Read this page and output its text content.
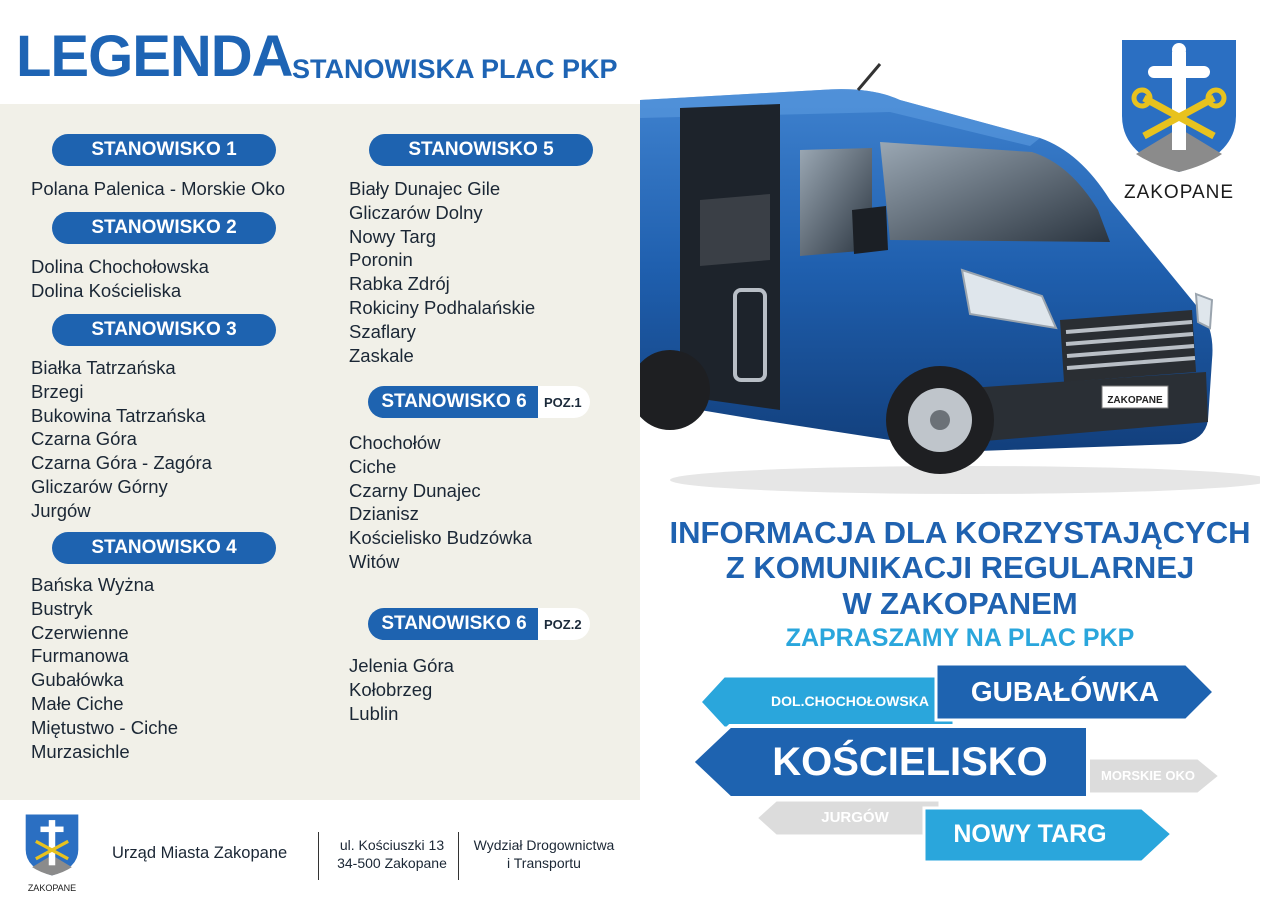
LEGENDA STANOWISKA PLAC PKP
STANOWISKO 1
Polana Palenica - Morskie Oko
STANOWISKO 2
Dolina Chochołowska
Dolina Kościeliska
STANOWISKO 3
Białka Tatrzańska
Brzegi
Bukowina Tatrzańska
Czarna Góra
Czarna Góra - Zagóra
Gliczarów Górny
Jurgów
STANOWISKO 4
Bańska Wyżna
Bustryk
Czerwienne
Furmanowa
Gubałówka
Małe Ciche
Miętustwo - Ciche
Murzasichle
STANOWISKO 5
Biały Dunajec Gile
Gliczarów Dolny
Nowy Targ
Poronin
Rabka Zdrój
Rokiciny Podhalańskie
Szaflary
Zaskale
STANOWISKO 6	POZ.1
Chochołów
Ciche
Czarny Dunajec
Dzianisz
Kościelisko Budzówka
Witów
STANOWISKO 6	POZ.2
Jelenia Góra
Kołobrzeg
Lublin
ZAKOPANE
ZAKOPANE
INFORMACJA DLA KORZYSTAJĄCYCH
Z KOMUNIKACJI REGULARNEJ
W ZAKOPANEM
ZAPRASZAMY NA PLAC PKP
DOL.CHOCHOŁOWSKA	GUBAŁÓWKA
KOŚCIELISKO	MORSKIE OKO
JURGÓW
NOWY TARG
ZAKOPANE
Urząd Miasta Zakopane	ul. Kościuszki 13
34-500 Zakopane
Wydział Drogownictwa
i Transportu
